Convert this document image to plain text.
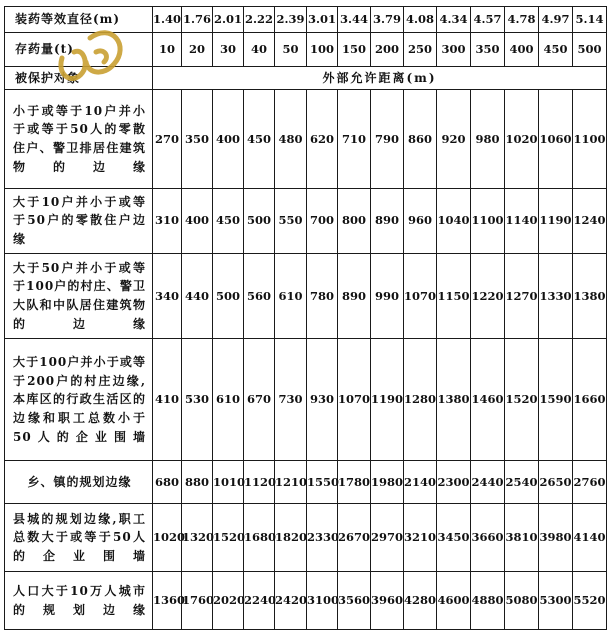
装药等效直径(m)	1.40	1.76	2.01	2.22	2.39	3.01	3.44	3.79	4.08	4.34	4.57	4.78	4.97	5.14
存药量(t)	10	20	30	40	50	100	150	200	250	300	350	400	450	500
被保护对象	外部允许距离(m)													
小于或等于10户并小于或等于50人的零散住户、警卫排居住建筑物的边缘	270	350	400	450	480	620	710	790	860	920	980	1020	1060	1100
大于10户并小于或等于50户的零散住户边缘	310	400	450	500	550	700	800	890	960	1040	1100	1140	1190	1240
大于50户并小于或等于100户的村庄、警卫大队和中队居住建筑物的边缘	340	440	500	560	610	780	890	990	1070	1150	1220	1270	1330	1380
大于100户并小于或等于200户的村庄边缘,本库区的行政生活区的边缘和职工总数小于50人的企业围墙	410	530	610	670	730	930	1070	1190	1280	1380	1460	1520	1590	1660
乡、镇的规划边缘	680	880	1010	1120	1210	1550	1780	1980	2140	2300	2440	2540	2650	2760
县城的规划边缘,职工总数大于或等于50人的企业围墙	1020	1320	1520	1680	1820	2330	2670	2970	3210	3450	3660	3810	3980	4140
人口大于10万人城市的规划边缘	1360	1760	2020	2240	2420	3100	3560	3960	4280	4600	4880	5080	5300	5520
